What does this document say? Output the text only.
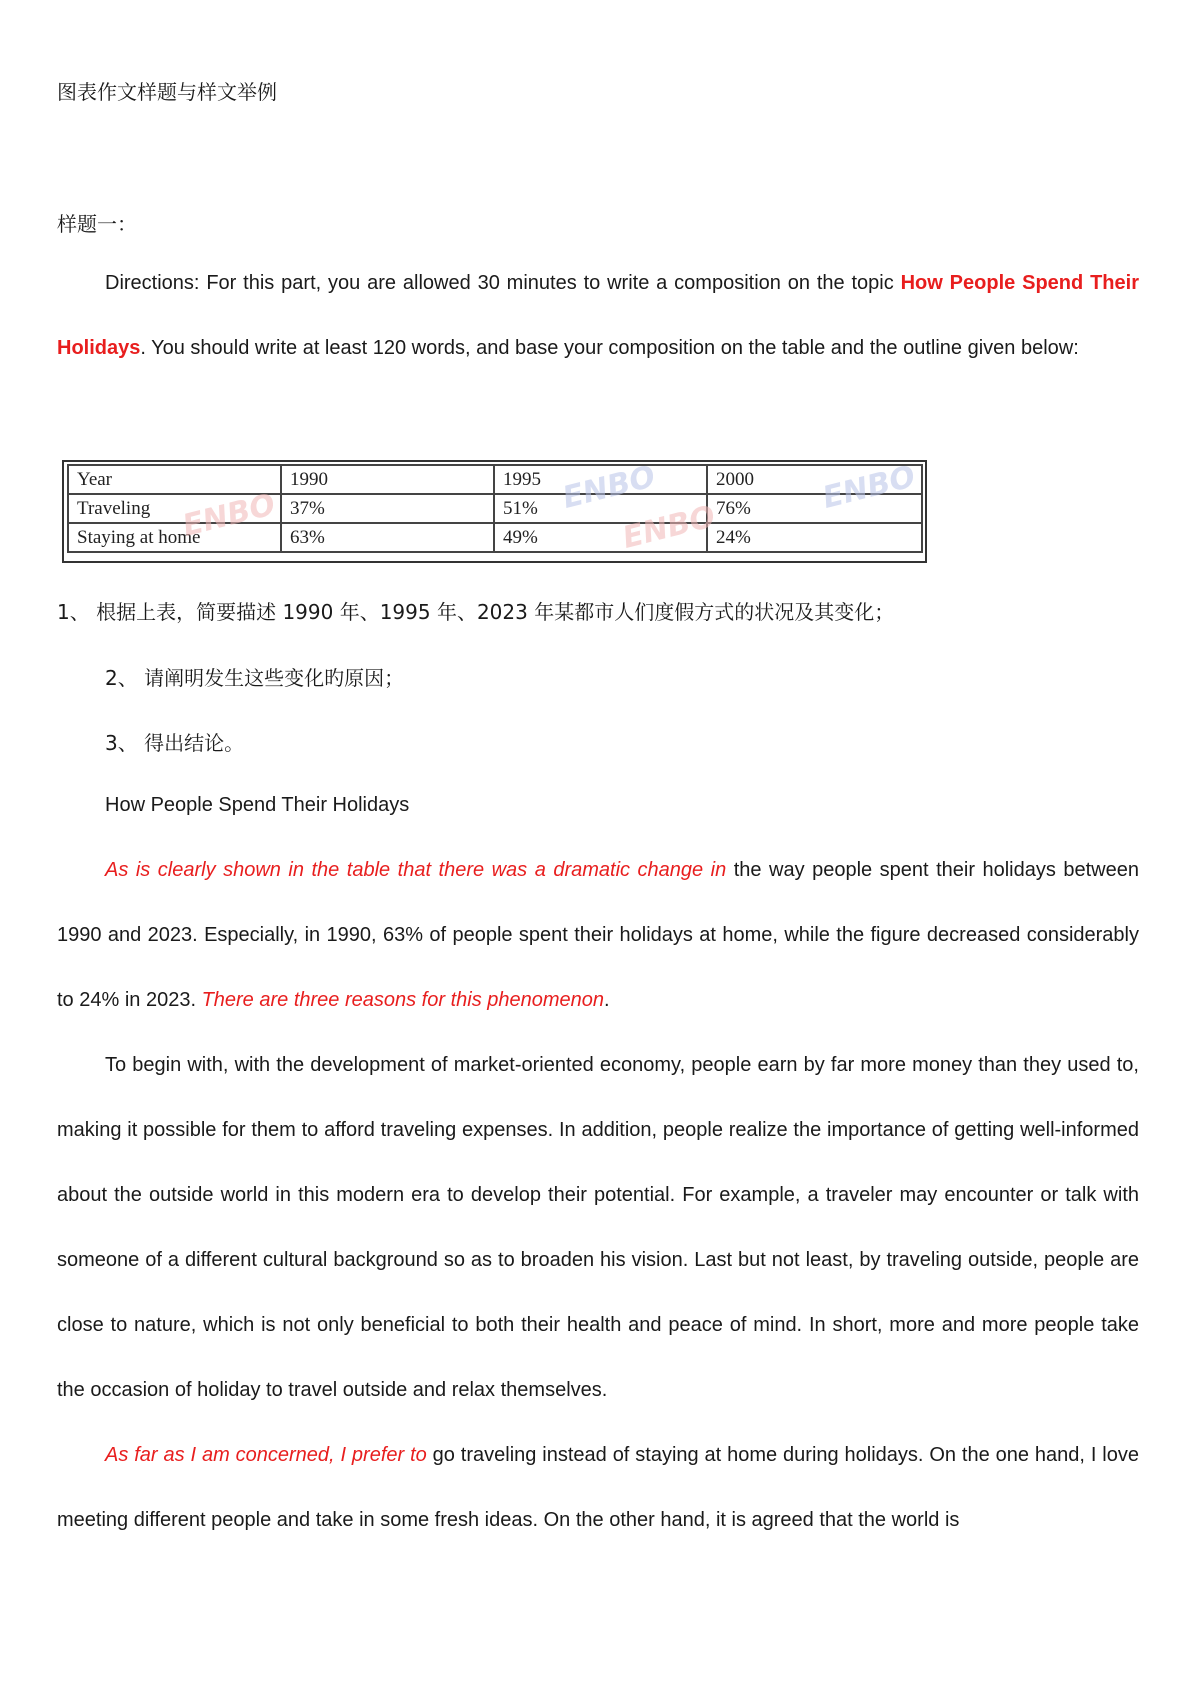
图表作文样题与样文举例
样题一：

Directions: For this part, you are allowed 30 minutes to write a composition on the topic How People Spend Their Holidays. You should write at least 120 words, and base your composition on the table and the outline given below:

Year	1990	1995	2000
Traveling	37%	51%	76%
Staying at home	63%	49%	24%
ENBO	ENBO
ENBO
ENBO
1、 根据上表，简要描述 1990 年、1995 年、2023 年某都市人们度假方式的状况及其变化；
2、 请阐明发生这些变化旳原因；
3、 得出结论。

How People Spend Their Holidays

As is clearly shown in the table that there was a dramatic change in the way people spent their holidays between 1990 and 2023. Especially, in 1990, 63% of people spent their holidays at home, while the figure decreased considerably to 24% in 2023. There are three reasons for this phenomenon.

To begin with, with the development of market-oriented economy, people earn by far more money than they used to, making it possible for them to afford traveling expenses. In addition, people realize the importance of getting well-informed about the outside world in this modern era to develop their potential. For example, a traveler may encounter or talk with someone of a different cultural background so as to broaden his vision. Last but not least, by traveling outside, people are close to nature, which is not only beneficial to both their health and peace of mind. In short, more and more people take the occasion of holiday to travel outside and relax themselves.

As far as I am concerned, I prefer to go traveling instead of staying at home during holidays. On the one hand, I love meeting different people and take in some fresh ideas. On the other hand, it is agreed that the world is
